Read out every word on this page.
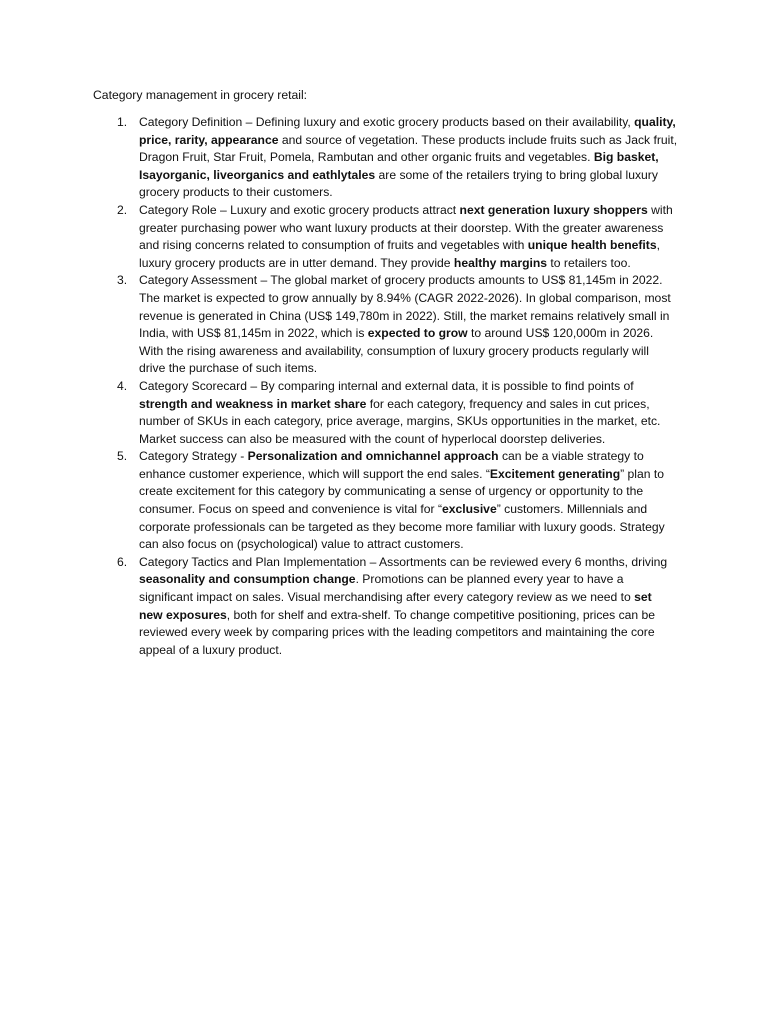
Category management in grocery retail:
1. Category Definition – Defining luxury and exotic grocery products based on their availability, quality, price, rarity, appearance and source of vegetation. These products include fruits such as Jack fruit, Dragon Fruit, Star Fruit, Pomela, Rambutan and other organic fruits and vegetables. Big basket, Isayorganic, liveorganics and eathlytales are some of the retailers trying to bring global luxury grocery products to their customers.
2. Category Role – Luxury and exotic grocery products attract next generation luxury shoppers with greater purchasing power who want luxury products at their doorstep. With the greater awareness and rising concerns related to consumption of fruits and vegetables with unique health benefits, luxury grocery products are in utter demand. They provide healthy margins to retailers too.
3. Category Assessment – The global market of grocery products amounts to US$ 81,145m in 2022. The market is expected to grow annually by 8.94% (CAGR 2022-2026). In global comparison, most revenue is generated in China (US$ 149,780m in 2022). Still, the market remains relatively small in India, with US$ 81,145m in 2022, which is expected to grow to around US$ 120,000m in 2026. With the rising awareness and availability, consumption of luxury grocery products regularly will drive the purchase of such items.
4. Category Scorecard – By comparing internal and external data, it is possible to find points of strength and weakness in market share for each category, frequency and sales in cut prices, number of SKUs in each category, price average, margins, SKUs opportunities in the market, etc. Market success can also be measured with the count of hyperlocal doorstep deliveries.
5. Category Strategy - Personalization and omnichannel approach can be a viable strategy to enhance customer experience, which will support the end sales. “Excitement generating” plan to create excitement for this category by communicating a sense of urgency or opportunity to the consumer. Focus on speed and convenience is vital for “exclusive” customers. Millennials and corporate professionals can be targeted as they become more familiar with luxury goods. Strategy can also focus on (psychological) value to attract customers.
6. Category Tactics and Plan Implementation – Assortments can be reviewed every 6 months, driving seasonality and consumption change. Promotions can be planned every year to have a significant impact on sales. Visual merchandising after every category review as we need to set new exposures, both for shelf and extra-shelf. To change competitive positioning, prices can be reviewed every week by comparing prices with the leading competitors and maintaining the core appeal of a luxury product.
